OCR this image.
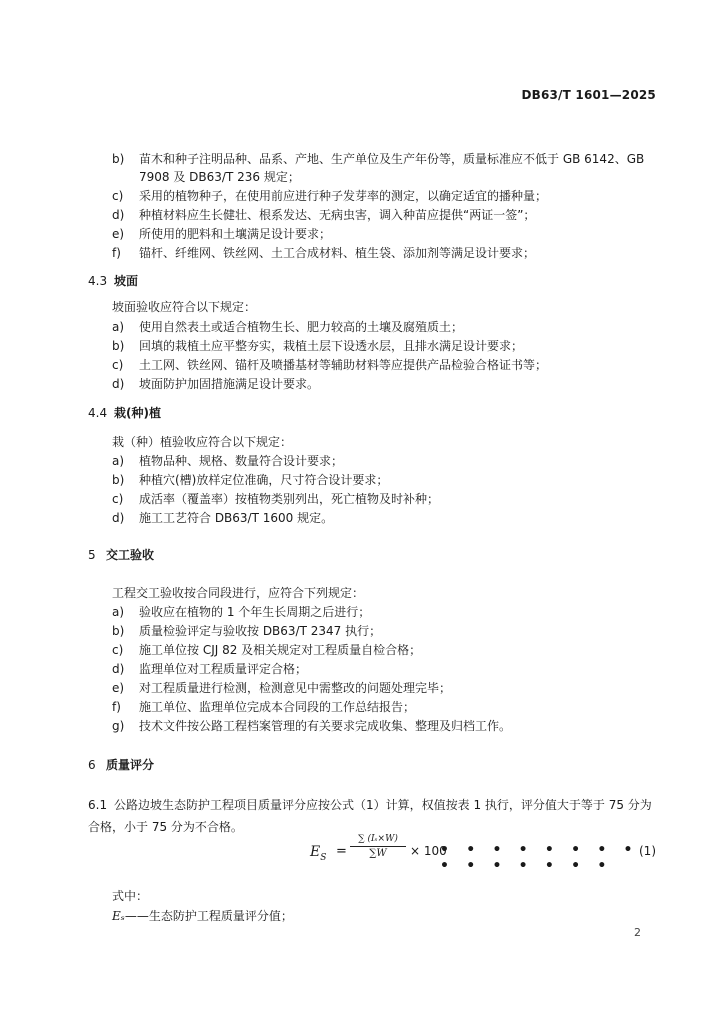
DB63/T 1601—2025
b) 苗木和种子注明品种、品系、产地、生产单位及生产年份等，质量标准应不低于 GB 6142、GB
7908 及 DB63/T 236 规定；
c) 采用的植物种子，在使用前应进行种子发芽率的测定，以确定适宜的播种量；
d) 种植材料应生长健壮、根系发达、无病虫害，调入种苗应提供“两证一签”；
e) 所使用的肥料和土壤满足设计要求；
f) 锚杆、纤维网、铁丝网、土工合成材料、植生袋、添加剂等满足设计要求；
4.3 坡面
坡面验收应符合以下规定：
a) 使用自然表土或适合植物生长、肥力较高的土壤及腐殖质土；
b) 回填的栽植土应平整夯实，栽植土层下设透水层，且排水满足设计要求；
c) 土工网、铁丝网、锚杆及喷播基材等辅助材料等应提供产品检验合格证书等；
d) 坡面防护加固措施满足设计要求。
4.4 栽(种)植
栽（种）植验收应符合以下规定：
a) 植物品种、规格、数量符合设计要求；
b) 种植穴(槽)放样定位准确，尺寸符合设计要求；
c) 成活率（覆盖率）按植物类别列出，死亡植物及时补种；
d) 施工工艺符合 DB63/T 1600 规定。
5 交工验收
工程交工验收按合同段进行，应符合下列规定：
a) 验收应在植物的 1 个年生长周期之后进行；
b) 质量检验评定与验收按 DB63/T 2347 执行；
c) 施工单位按 CJJ 82 及相关规定对工程质量自检合格；
d) 监理单位对工程质量评定合格；
e) 对工程质量进行检测，检测意见中需整改的问题处理完毕；
f) 施工单位、监理单位完成本合同段的工作总结报告；
g) 技术文件按公路工程档案管理的有关要求完成收集、整理及归档工作。
6 质量评分
6.1 公路边坡生态防护工程项目质量评分应按公式（1）计算，权值按表 1 执行，评分值大于等于 75 分为合格，小于 75 分为不合格。
$E_S = \frac{\text{∑ (Iₛ×W)}}{\sum W} \times 100$
• • • • • • • • • • • • • • •
(1)
式中：
Eₛ——生态防护工程质量评分值；
2
